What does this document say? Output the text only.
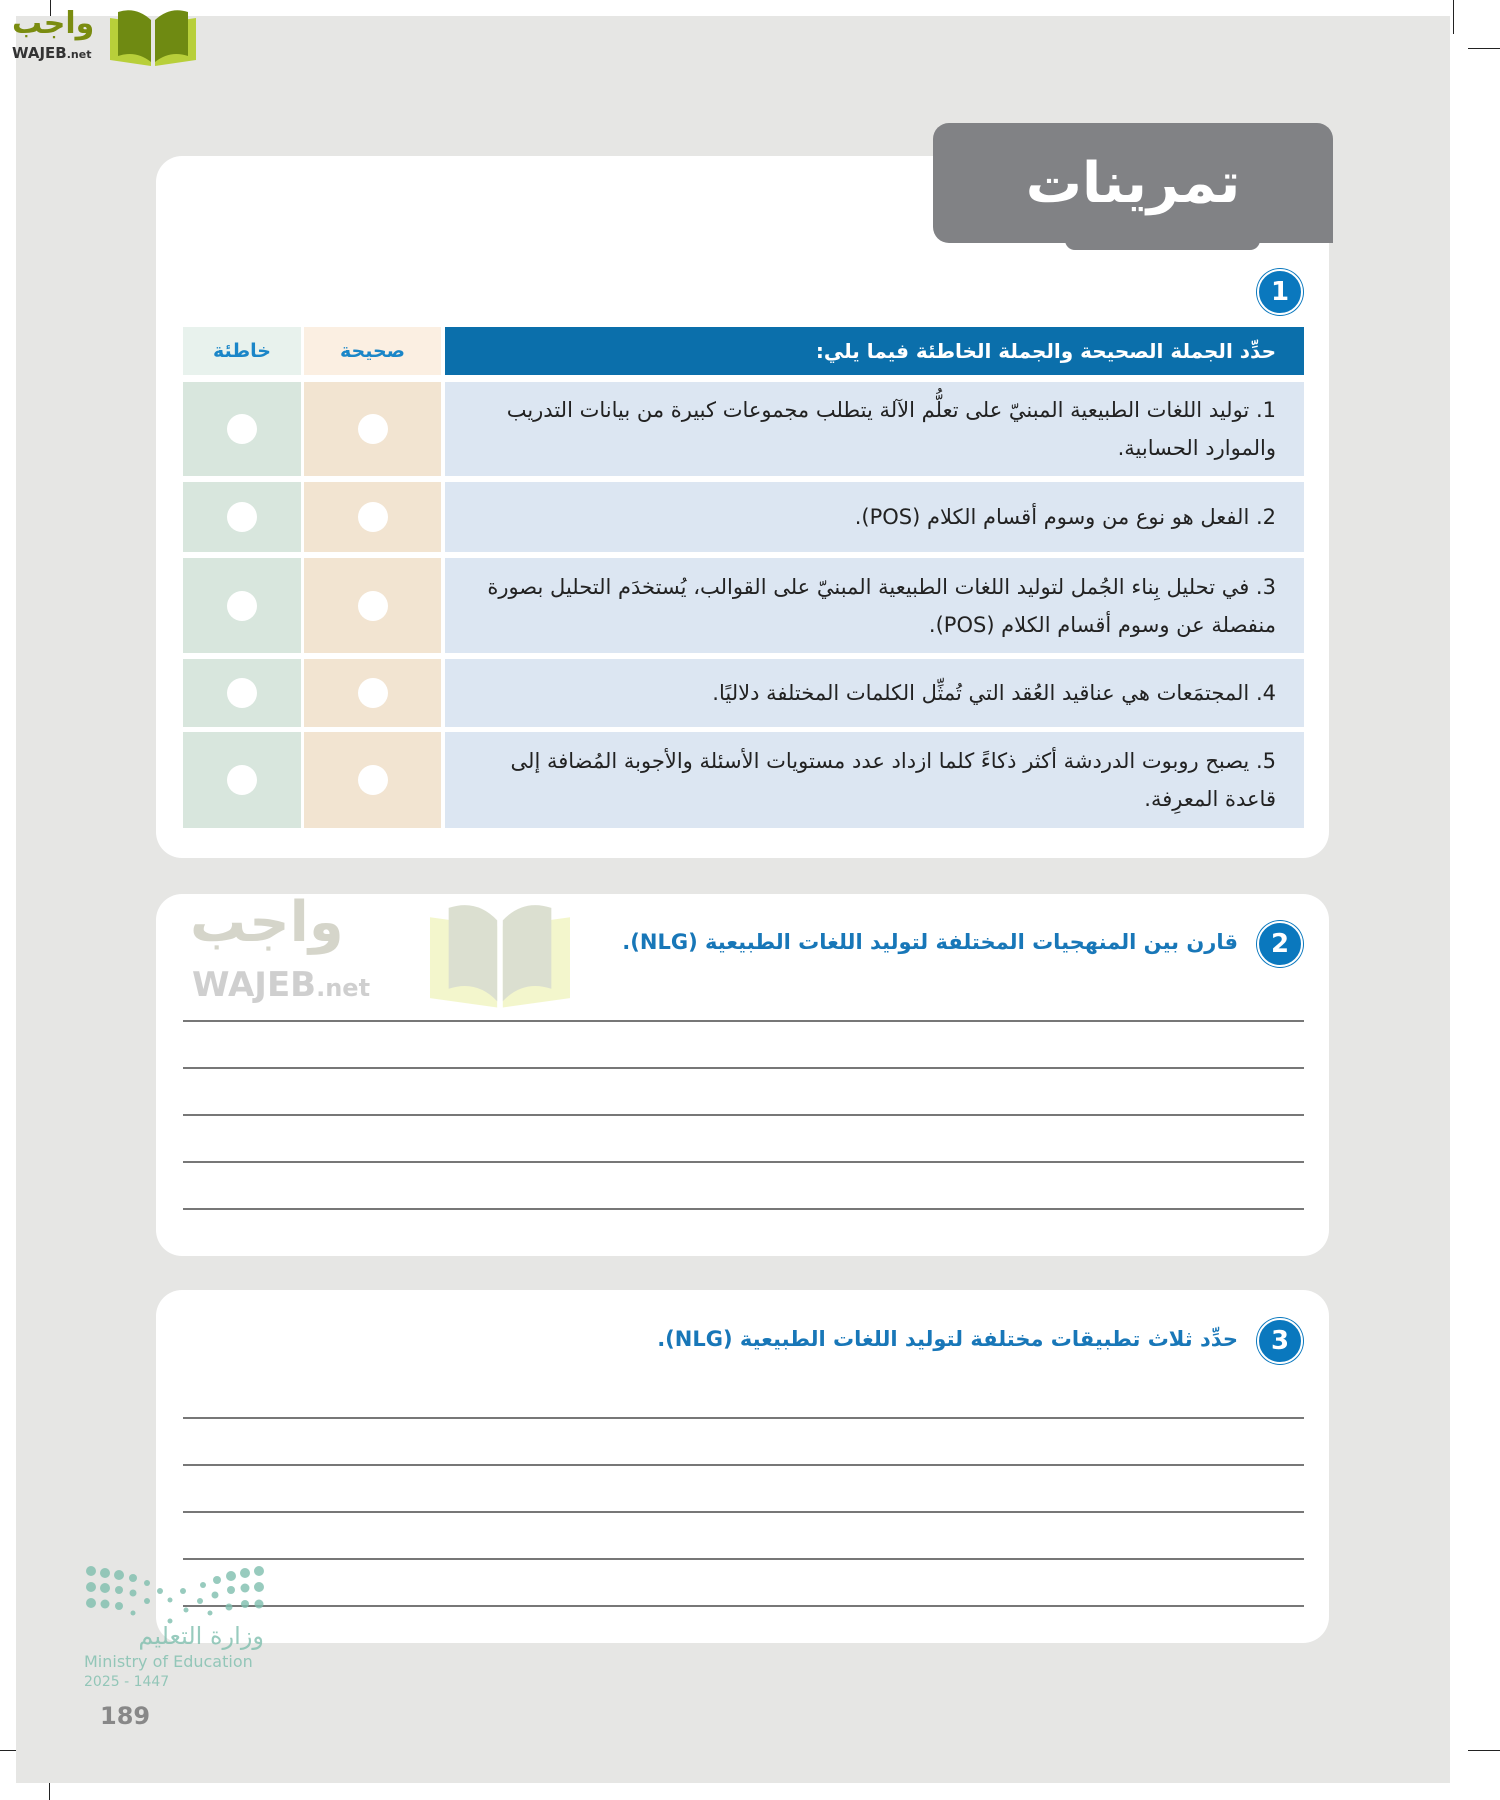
واجب
WAJEB.net
تمرينات
1
حدِّد الجملة الصحيحة والجملة الخاطئة فيما يلي:
صحيحة
خاطئة
1. توليد اللغات الطبيعية المبنيّ على تعلُّم الآلة يتطلب مجموعات كبيرة من بيانات التدريب والموارد الحسابية.
2. الفعل هو نوع من وسوم أقسام الكلام (POS).
3. في تحليل بِناء الجُمل لتوليد اللغات الطبيعية المبنيّ على القوالب، يُستخدَم التحليل بصورة منفصلة عن وسوم أقسام الكلام (POS).
4. المجتمَعات هي عناقيد العُقد التي تُمثِّل الكلمات المختلفة دلاليًا.
5. يصبح روبوت الدردشة أكثر ذكاءً كلما ازداد عدد مستويات الأسئلة والأجوبة المُضافة إلى قاعدة المعرِفة.
2
قارن بين المنهجيات المختلفة لتوليد اللغات الطبيعية (NLG).
3
حدِّد ثلاث تطبيقات مختلفة لتوليد اللغات الطبيعية (NLG).
واجب
WAJEB.net
وزارة التعليم
Ministry of Education
2025 - 1447
189
